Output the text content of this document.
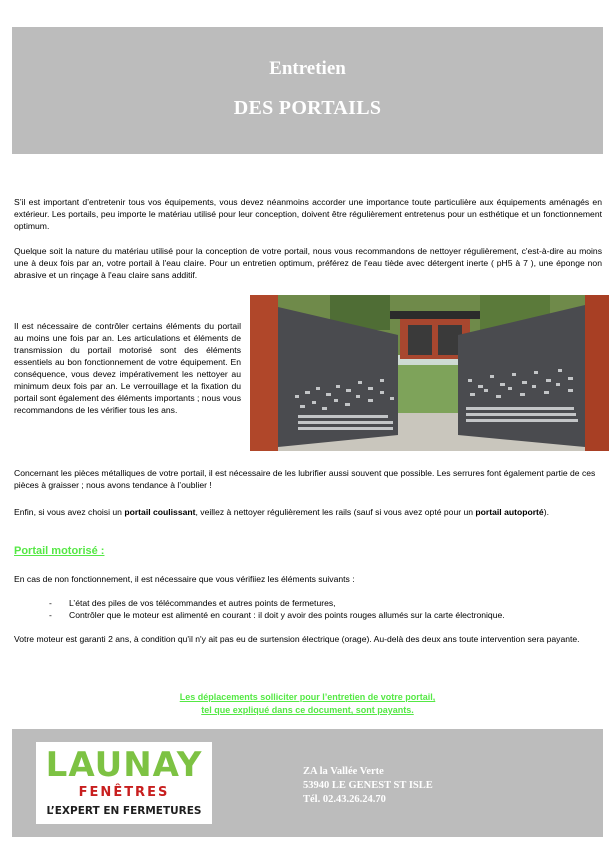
Entretien
DES PORTAILS

S’il est important d’entretenir tous vos équipements, vous devez néanmoins accorder une importance toute particulière aux équipements aménagés en extérieur. Les portails, peu importe le matériau utilisé pour leur conception, doivent être régulièrement entretenus pour un esthétique et un fonctionnement optimum.

Quelque soit la nature du matériau utilisé pour la conception de votre portail, nous vous recommandons de nettoyer régulièrement, c'est-à-dire au moins une à deux fois par an, votre portail à l'eau claire. Pour un entretien optimum, préférez de l'eau tiède avec détergent inerte ( pH5 à 7 ), une éponge non abrasive et un rinçage à l'eau claire sans additif.

Il est nécessaire de contrôler certains éléments du portail au moins une fois par an. Les articulations et éléments de transmission du portail motorisé sont des éléments essentiels au bon fonctionnement de votre équipement. En conséquence, vous devez impérativement les nettoyer au minimum deux fois par an. Le verrouillage et la fixation du portail sont également des éléments importants ; nous vous recommandons de les vérifier tous les ans.

Concernant les pièces métalliques de votre portail, il est nécessaire de les lubrifier aussi souvent que possible. Les serrures font également partie de ces pièces à graisser ; nous avons tendance à l’oublier !

Enfin, si vous avez choisi un portail coulissant, veillez à nettoyer régulièrement les rails (sauf si vous avez opté pour un portail autoporté).

Portail motorisé :

En cas de non fonctionnement, il est nécessaire que vous vérifiiez les éléments suivants :

- L’état des piles de vos télécommandes et autres points de fermetures,
- Contrôler que le moteur est alimenté en courant : il doit y avoir des points rouges allumés sur la carte électronique.

Votre moteur est garanti 2 ans, à condition qu'il n'y ait pas eu de surtension électrique (orage). Au-delà des deux ans toute intervention sera payante.

Les déplacements solliciter pour l’entretien de votre portail,
tel que expliqué dans ce document, sont payants.
LAUNAY
FENÊTRES
L’EXPERT EN FERMETURES
ZA la Vallée Verte
53940 LE GENEST ST ISLE
Tél. 02.43.26.24.70
